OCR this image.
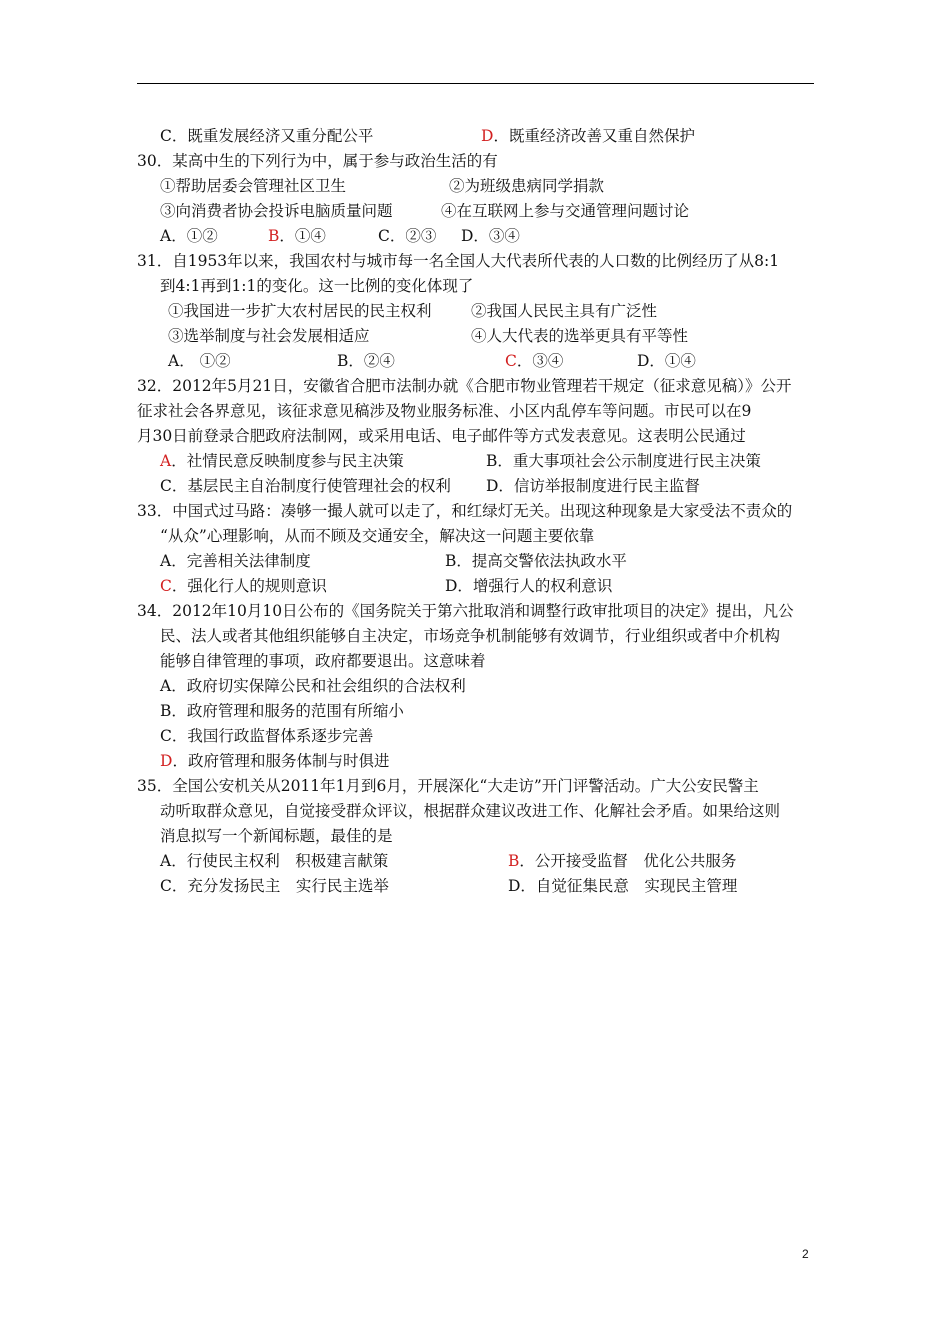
C．既重发展经济又重分配公平	D．既重经济改善又重自然保护
30．某高中生的下列行为中，属于参与政治生活的有
①帮助居委会管理社区卫生	②为班级患病同学捐款
③向消费者协会投诉电脑质量问题	④在互联网上参与交通管理问题讨论
A．①②	B．①④	C．②③ D．③④
31．自1953年以来，我国农村与城市每一名全国人大代表所代表的人口数的比例经历了从8:1
到4:1再到1:1的变化。这一比例的变化体现了
①我国进一步扩大农村居民的民主权利	②我国人民民主具有广泛性
③选举制度与社会发展相适应	④人大代表的选举更具有平等性
A． ①②	B．②④	C．③④	D．①④
32．2012年5月21日，安徽省合肥市法制办就《合肥市物业管理若干规定（征求意见稿）》公开
征求社会各界意见，该征求意见稿涉及物业服务标准、小区内乱停车等问题。市民可以在9
月30日前登录合肥政府法制网，或采用电话、电子邮件等方式发表意见。这表明公民通过
A．社情民意反映制度参与民主决策	B．重大事项社会公示制度进行民主决策
C．基层民主自治制度行使管理社会的权利 D．信访举报制度进行民主监督
33．中国式过马路：凑够一撮人就可以走了，和红绿灯无关。出现这种现象是大家受法不责众的
“从众”心理影响，从而不顾及交通安全，解决这一问题主要依靠
A．完善相关法律制度	B．提高交警依法执政水平
C．强化行人的规则意识	D．增强行人的权利意识
34．2012年10月10日公布的《国务院关于第六批取消和调整行政审批项目的决定》提出，凡公
民、法人或者其他组织能够自主决定，市场竞争机制能够有效调节，行业组织或者中介机构
能够自律管理的事项，政府都要退出。这意味着
A．政府切实保障公民和社会组织的合法权利
B．政府管理和服务的范围有所缩小
C．我国行政监督体系逐步完善
D．政府管理和服务体制与时俱进
35．全国公安机关从2011年1月到6月，开展深化“大走访”开门评警活动。广大公安民警主
动听取群众意见，自觉接受群众评议，根据群众建议改进工作、化解社会矛盾。如果给这则
消息拟写一个新闻标题，最佳的是
A．行使民主权利　积极建言献策	B．公开接受监督　优化公共服务
C．充分发扬民主　实行民主选举	D．自觉征集民意　实现民主管理
2
